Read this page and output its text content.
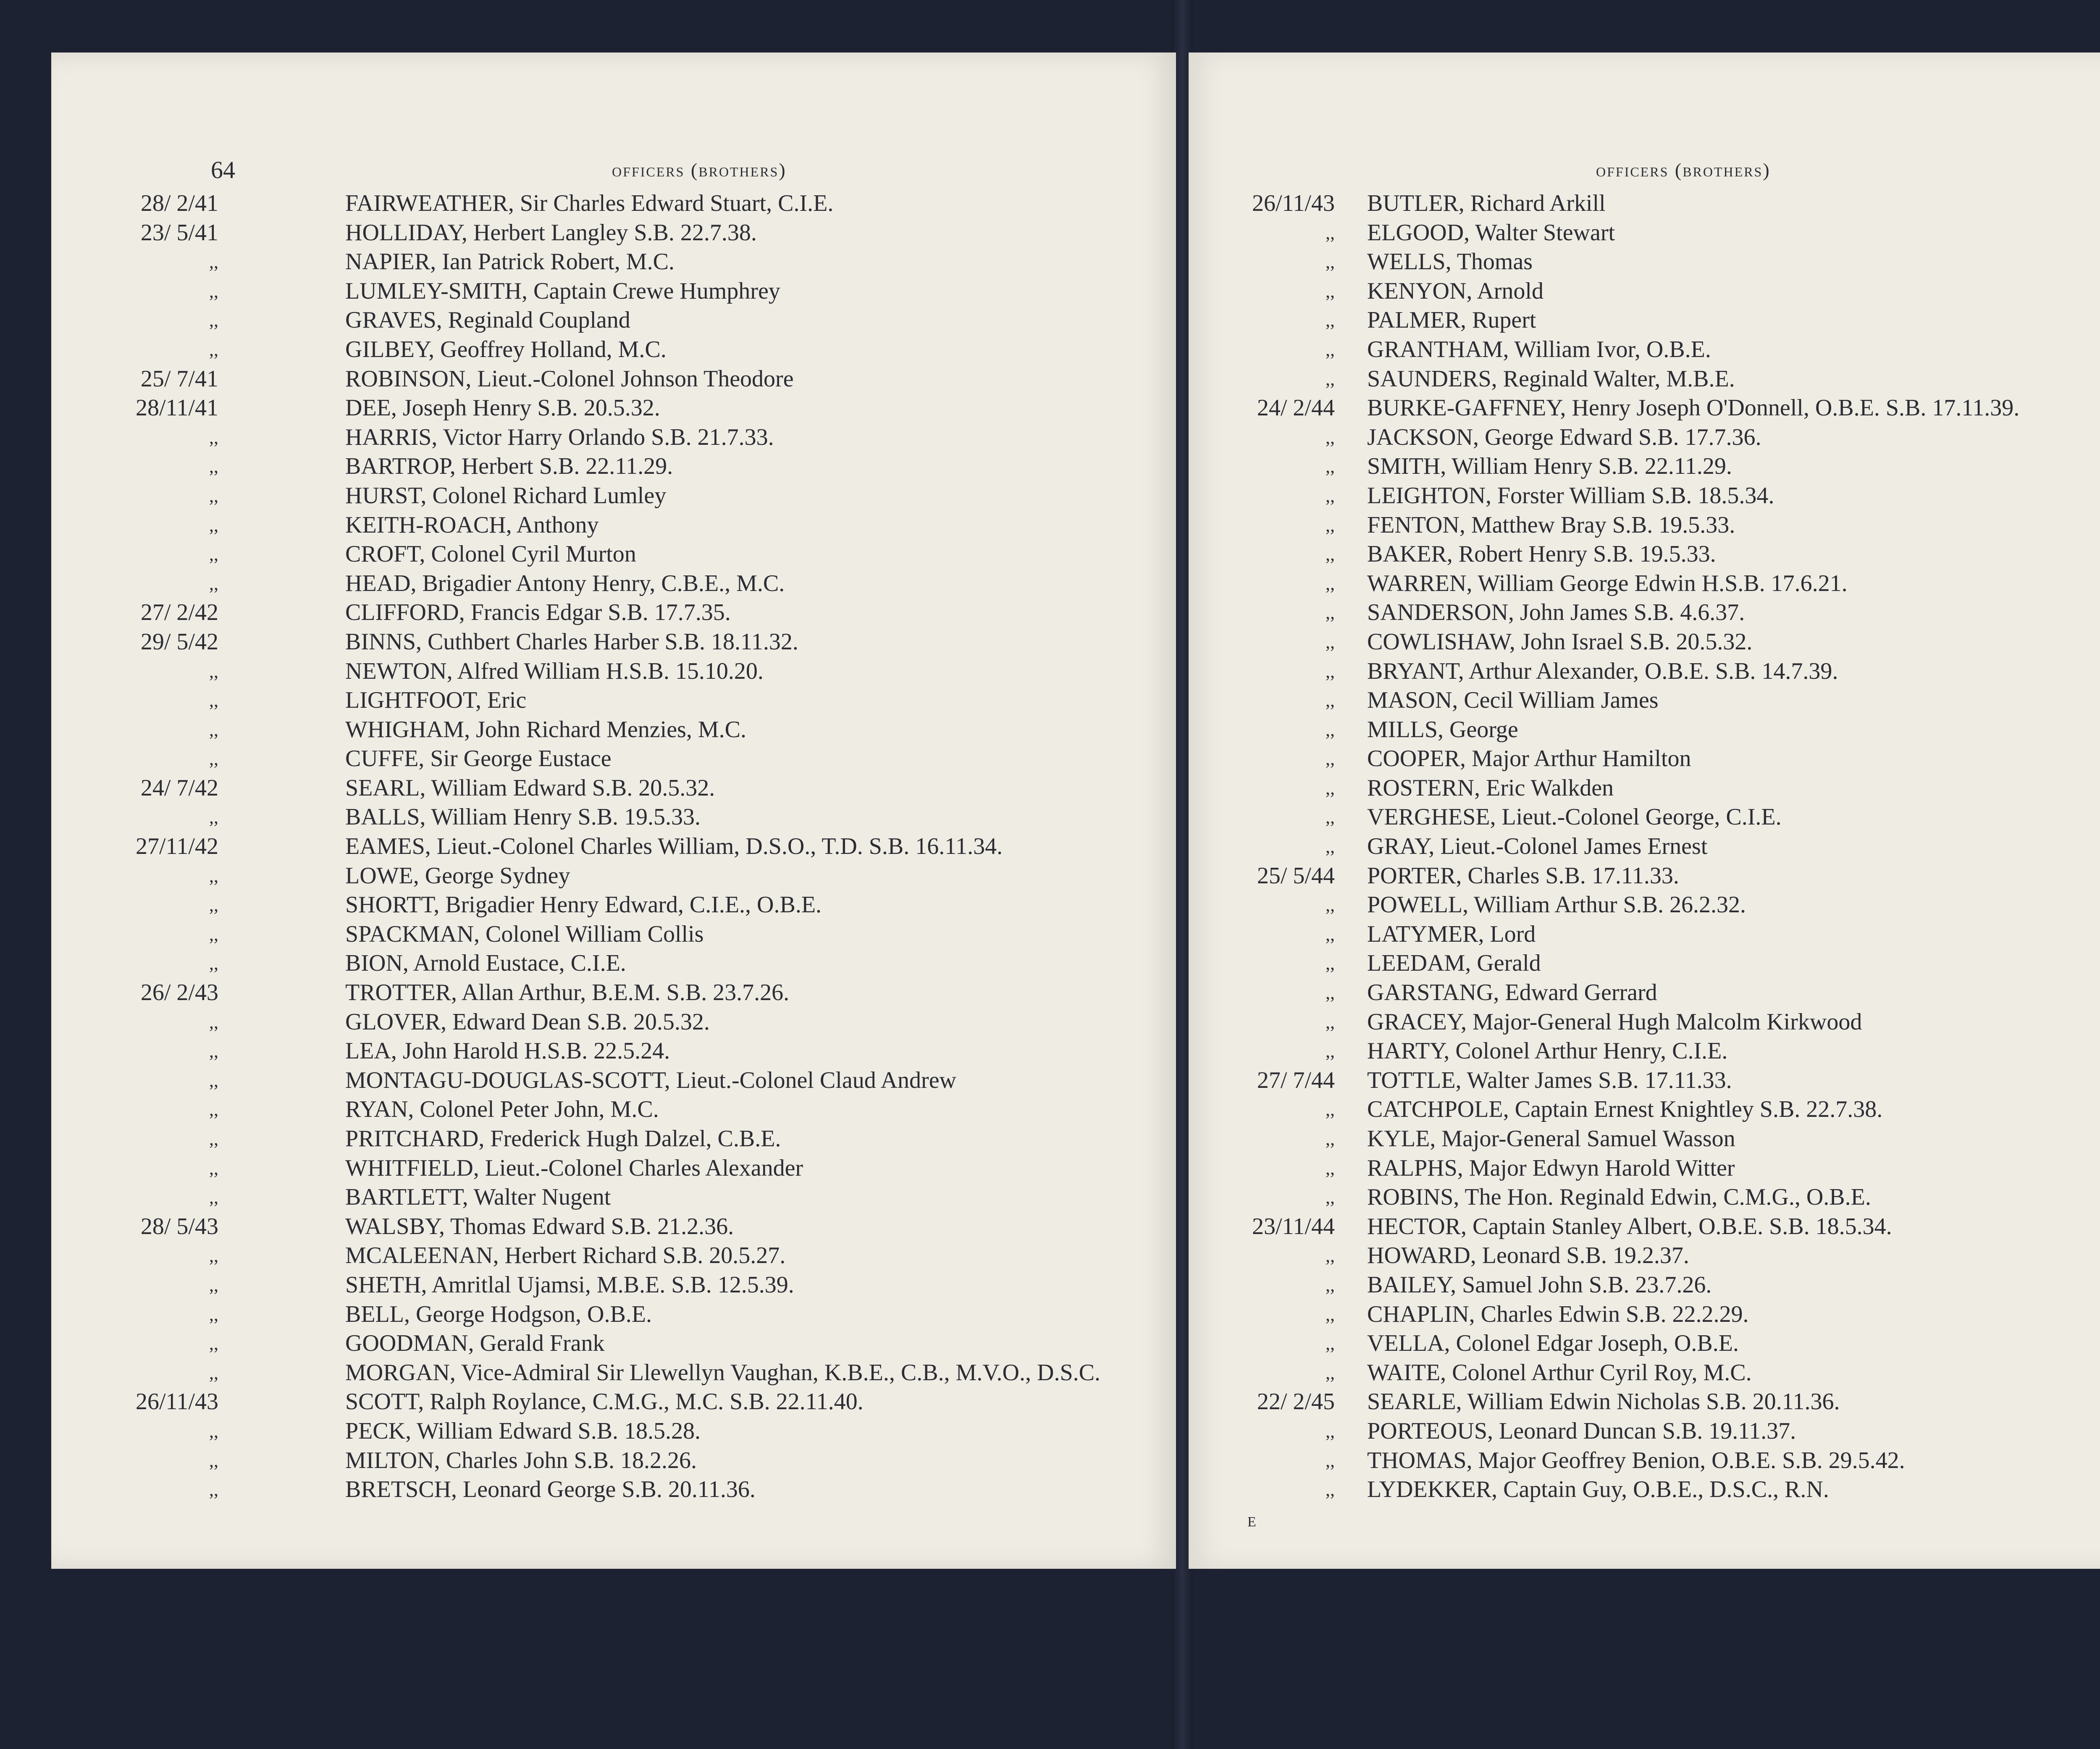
64	officers (brothers)
28/ 2/41	FAIRWEATHER, Sir Charles Edward Stuart, C.I.E.
23/ 5/41	HOLLIDAY, Herbert Langley S.B. 22.7.38.
,,	NAPIER, Ian Patrick Robert, M.C.
,,	LUMLEY-SMITH, Captain Crewe Humphrey
,,	GRAVES, Reginald Coupland
,,	GILBEY, Geoffrey Holland, M.C.
25/ 7/41	ROBINSON, Lieut.-Colonel Johnson Theodore
28/11/41	DEE, Joseph Henry S.B. 20.5.32.
,,	HARRIS, Victor Harry Orlando S.B. 21.7.33.
,,	BARTROP, Herbert S.B. 22.11.29.
,,	HURST, Colonel Richard Lumley
,,	KEITH-ROACH, Anthony
,,	CROFT, Colonel Cyril Murton
,,	HEAD, Brigadier Antony Henry, C.B.E., M.C.
27/ 2/42	CLIFFORD, Francis Edgar S.B. 17.7.35.
29/ 5/42	BINNS, Cuthbert Charles Harber S.B. 18.11.32.
,,	NEWTON, Alfred William H.S.B. 15.10.20.
,,	LIGHTFOOT, Eric
,,	WHIGHAM, John Richard Menzies, M.C.
,,	CUFFE, Sir George Eustace
24/ 7/42	SEARL, William Edward S.B. 20.5.32.
,,	BALLS, William Henry S.B. 19.5.33.
27/11/42	EAMES, Lieut.-Colonel Charles William, D.S.O., T.D. S.B. 16.11.34.
,,	LOWE, George Sydney
,,	SHORTT, Brigadier Henry Edward, C.I.E., O.B.E.
,,	SPACKMAN, Colonel William Collis
,,	BION, Arnold Eustace, C.I.E.
26/ 2/43	TROTTER, Allan Arthur, B.E.M. S.B. 23.7.26.
,,	GLOVER, Edward Dean S.B. 20.5.32.
,,	LEA, John Harold H.S.B. 22.5.24.
,,	MONTAGU-DOUGLAS-SCOTT, Lieut.-Colonel Claud Andrew
,,	RYAN, Colonel Peter John, M.C.
,,	PRITCHARD, Frederick Hugh Dalzel, C.B.E.
,,	WHITFIELD, Lieut.-Colonel Charles Alexander
,,	BARTLETT, Walter Nugent
28/ 5/43	WALSBY, Thomas Edward S.B. 21.2.36.
,,	MCALEENAN, Herbert Richard S.B. 20.5.27.
,,	SHETH, Amritlal Ujamsi, M.B.E. S.B. 12.5.39.
,,	BELL, George Hodgson, O.B.E.
,,	GOODMAN, Gerald Frank
,,	MORGAN, Vice-Admiral Sir Llewellyn Vaughan, K.B.E., C.B., M.V.O., D.S.C.
26/11/43	SCOTT, Ralph Roylance, C.M.G., M.C. S.B. 22.11.40.
,,	PECK, William Edward S.B. 18.5.28.
,,	MILTON, Charles John S.B. 18.2.26.
,,	BRETSCH, Leonard George S.B. 20.11.36.
officers (brothers)
26/11/43 BUTLER, Richard Arkill
,, ELGOOD, Walter Stewart
,, WELLS, Thomas
,, KENYON, Arnold
,, PALMER, Rupert
,, GRANTHAM, William Ivor, O.B.E.
,, SAUNDERS, Reginald Walter, M.B.E.
24/ 2/44 BURKE-GAFFNEY, Henry Joseph O'Donnell, O.B.E. S.B. 17.11.39.
,, JACKSON, George Edward S.B. 17.7.36.
,, SMITH, William Henry S.B. 22.11.29.
,, LEIGHTON, Forster William S.B. 18.5.34.
,, FENTON, Matthew Bray S.B. 19.5.33.
,, BAKER, Robert Henry S.B. 19.5.33.
,, WARREN, William George Edwin H.S.B. 17.6.21.
,, SANDERSON, John James S.B. 4.6.37.
,, COWLISHAW, John Israel S.B. 20.5.32.
,, BRYANT, Arthur Alexander, O.B.E. S.B. 14.7.39.
,, MASON, Cecil William James
,, MILLS, George
,, COOPER, Major Arthur Hamilton
,, ROSTERN, Eric Walkden
,, VERGHESE, Lieut.-Colonel George, C.I.E.
,, GRAY, Lieut.-Colonel James Ernest
25/ 5/44 PORTER, Charles S.B. 17.11.33.
,, POWELL, William Arthur S.B. 26.2.32.
,, LATYMER, Lord
,, LEEDAM, Gerald
,, GARSTANG, Edward Gerrard
,, GRACEY, Major-General Hugh Malcolm Kirkwood
,, HARTY, Colonel Arthur Henry, C.I.E.
27/ 7/44 TOTTLE, Walter James S.B. 17.11.33.
,, CATCHPOLE, Captain Ernest Knightley S.B. 22.7.38.
,, KYLE, Major-General Samuel Wasson
,, RALPHS, Major Edwyn Harold Witter
,, ROBINS, The Hon. Reginald Edwin, C.M.G., O.B.E.
23/11/44 HECTOR, Captain Stanley Albert, O.B.E. S.B. 18.5.34.
,, HOWARD, Leonard S.B. 19.2.37.
,, BAILEY, Samuel John S.B. 23.7.26.
,, CHAPLIN, Charles Edwin S.B. 22.2.29.
,, VELLA, Colonel Edgar Joseph, O.B.E.
,, WAITE, Colonel Arthur Cyril Roy, M.C.
22/ 2/45 SEARLE, William Edwin Nicholas S.B. 20.11.36.
,, PORTEOUS, Leonard Duncan S.B. 19.11.37.
,, THOMAS, Major Geoffrey Benion, O.B.E. S.B. 29.5.42.
,, LYDEKKER, Captain Guy, O.B.E., D.S.C., R.N.
E
